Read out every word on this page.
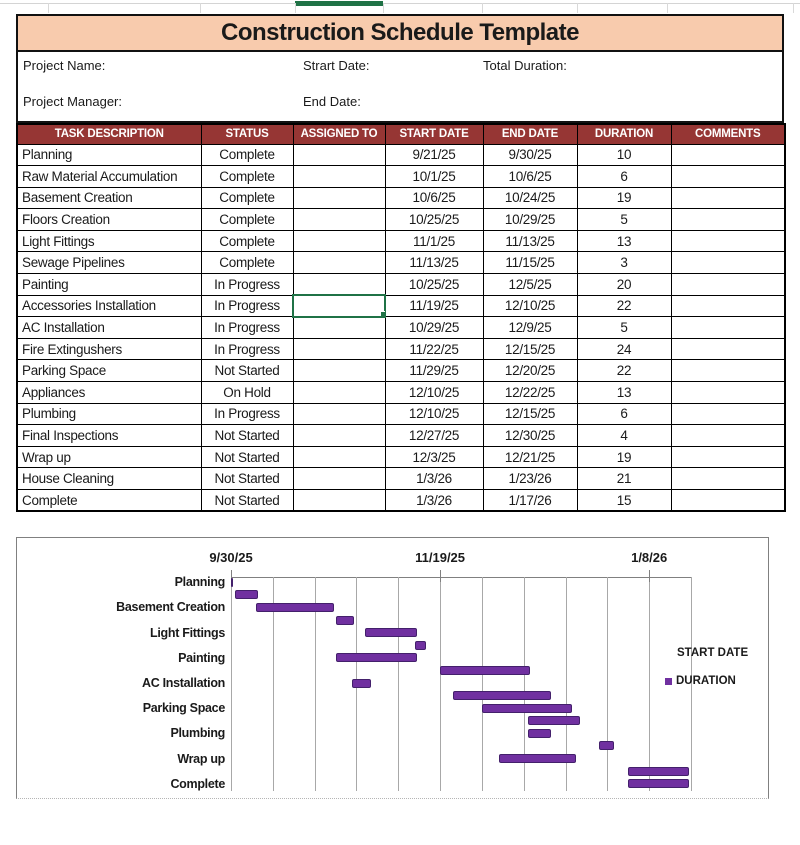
Construction Schedule Template
Project Name:	Strart Date:	Total Duration:
Project Manager:	End Date:
TASK DESCRIPTION	STATUS	ASSIGNED TO	START DATE	END DATE	DURATION	COMMENTS
Planning	Complete		9/21/25	9/30/25	10	
Raw Material Accumulation	Complete		10/1/25	10/6/25	6	
Basement Creation	Complete		10/6/25	10/24/25	19	
Floors Creation	Complete		10/25/25	10/29/25	5	
Light Fittings	Complete		11/1/25	11/13/25	13	
Sewage Pipelines	Complete		11/13/25	11/15/25	3	
Painting	In Progress		10/25/25	12/5/25	20	
Accessories Installation	In Progress		11/19/25	12/10/25	22	
AC Installation	In Progress		10/29/25	12/9/25	5	
Fire Extingushers	In Progress		11/22/25	12/15/25	24	
Parking Space	Not Started		11/29/25	12/20/25	22	
Appliances	On Hold		12/10/25	12/22/25	13	
Plumbing	In Progress		12/10/25	12/15/25	6	
Final Inspections	Not Started		12/27/25	12/30/25	4	
Wrap up	Not Started		12/3/25	12/21/25	19	
House Cleaning	Not Started		1/3/26	1/23/26	21	
Complete	Not Started		1/3/26	1/17/26	15	
9/30/25	11/19/25	1/8/26
Planning
Basement Creation
Light Fittings
Painting
AC Installation
Parking Space
Plumbing
Wrap up
Complete
START DATE
DURATION
